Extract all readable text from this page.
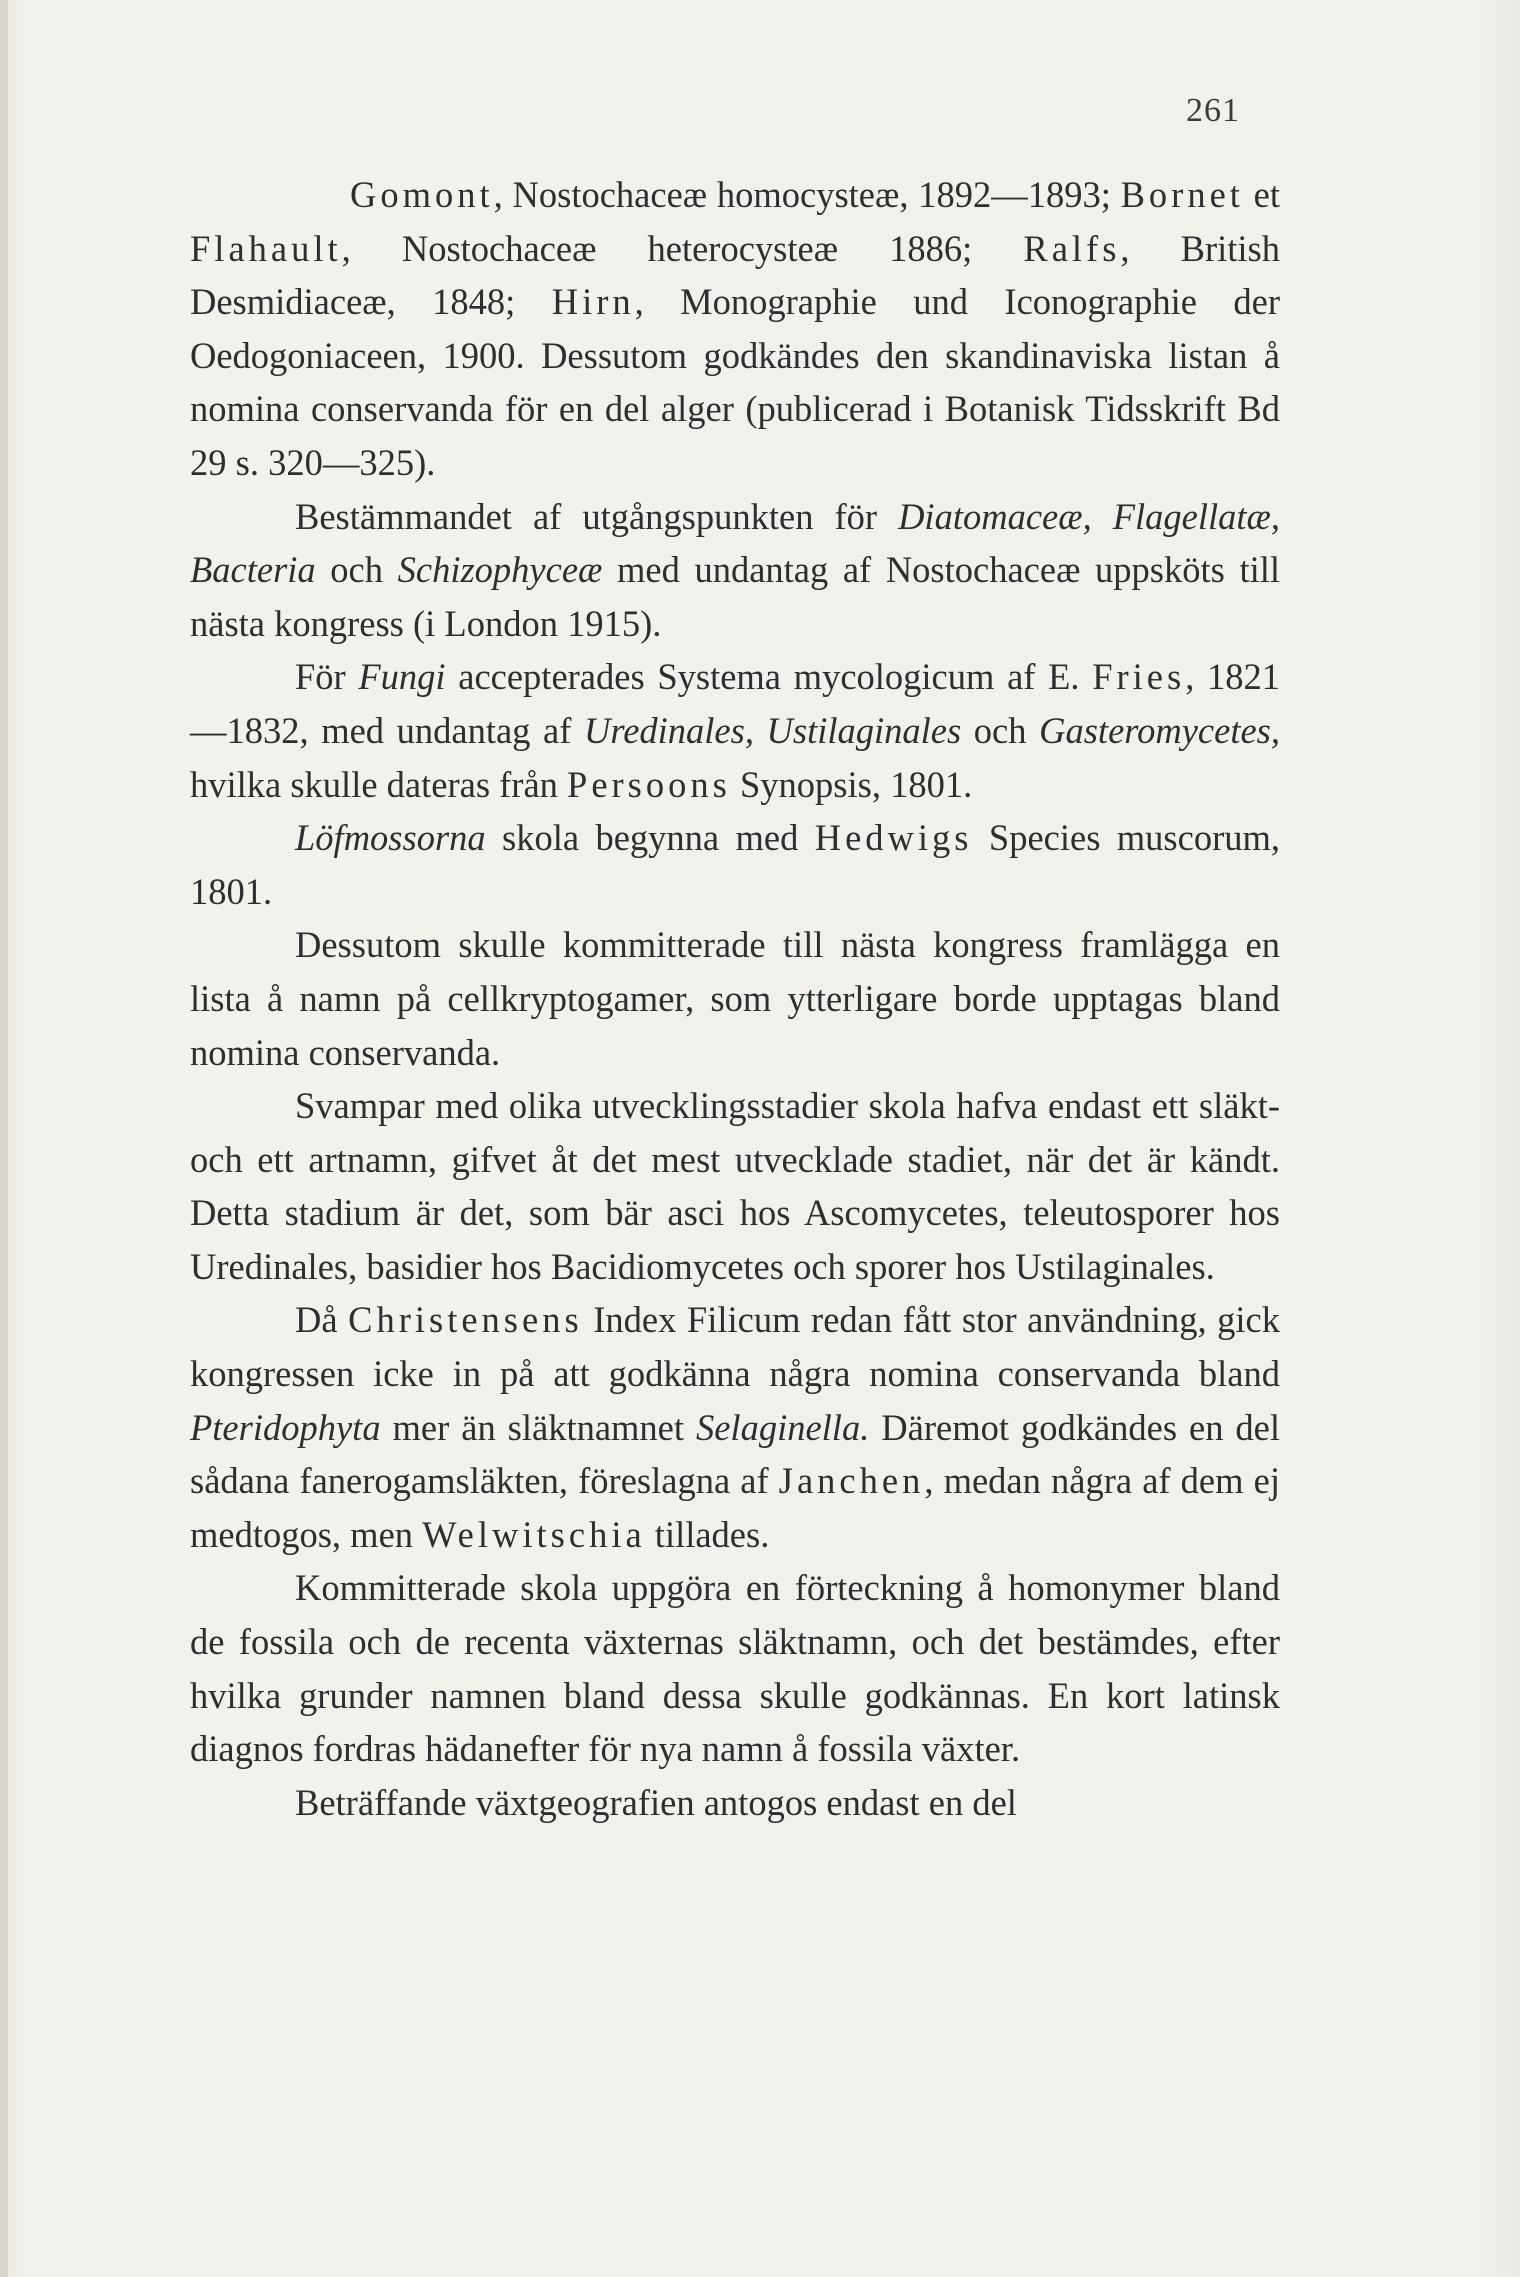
261

Gomont, Nostochaceæ homocysteæ, 1892—1893; Bornet et Flahault, Nostochaceæ heterocysteæ 1886; Ralfs, British Desmidiaceæ, 1848; Hirn, Monographie und Iconographie der Oedogoniaceen, 1900. Dessutom godkändes den skandinaviska listan å nomina conservanda för en del alger (publicerad i Botanisk Tidsskrift Bd 29 s. 320—325).

Bestämmandet af utgångspunkten för Diatomaceæ, Flagellatæ, Bacteria och Schizophyceæ med undantag af Nostochaceæ uppsköts till nästa kongress (i London 1915).

För Fungi accepterades Systema mycologicum af E. Fries, 1821—1832, med undantag af Uredinales, Ustilaginales och Gasteromycetes, hvilka skulle dateras från Persoons Synopsis, 1801.

Löfmossorna skola begynna med Hedwigs Species muscorum, 1801.

Dessutom skulle kommitterade till nästa kongress framlägga en lista å namn på cellkryptogamer, som ytterligare borde upptagas bland nomina conservanda.

Svampar med olika utvecklingsstadier skola hafva endast ett släkt- och ett artnamn, gifvet åt det mest utvecklade stadiet, när det är kändt. Detta stadium är det, som bär asci hos Ascomycetes, teleutosporer hos Uredinales, basidier hos Bacidiomycetes och sporer hos Ustilaginales.

Då Christensens Index Filicum redan fått stor användning, gick kongressen icke in på att godkänna några nomina conservanda bland Pteridophyta mer än släktnamnet Selaginella. Däremot godkändes en del sådana fanerogamsläkten, föreslagna af Janchen, medan några af dem ej medtogos, men Welwitschia tillades.

Kommitterade skola uppgöra en förteckning å homonymer bland de fossila och de recenta växternas släktnamn, och det bestämdes, efter hvilka grunder namnen bland dessa skulle godkännas. En kort latinsk diagnos fordras hädanefter för nya namn å fossila växter.

Beträffande växtgeografien antogos endast en del
